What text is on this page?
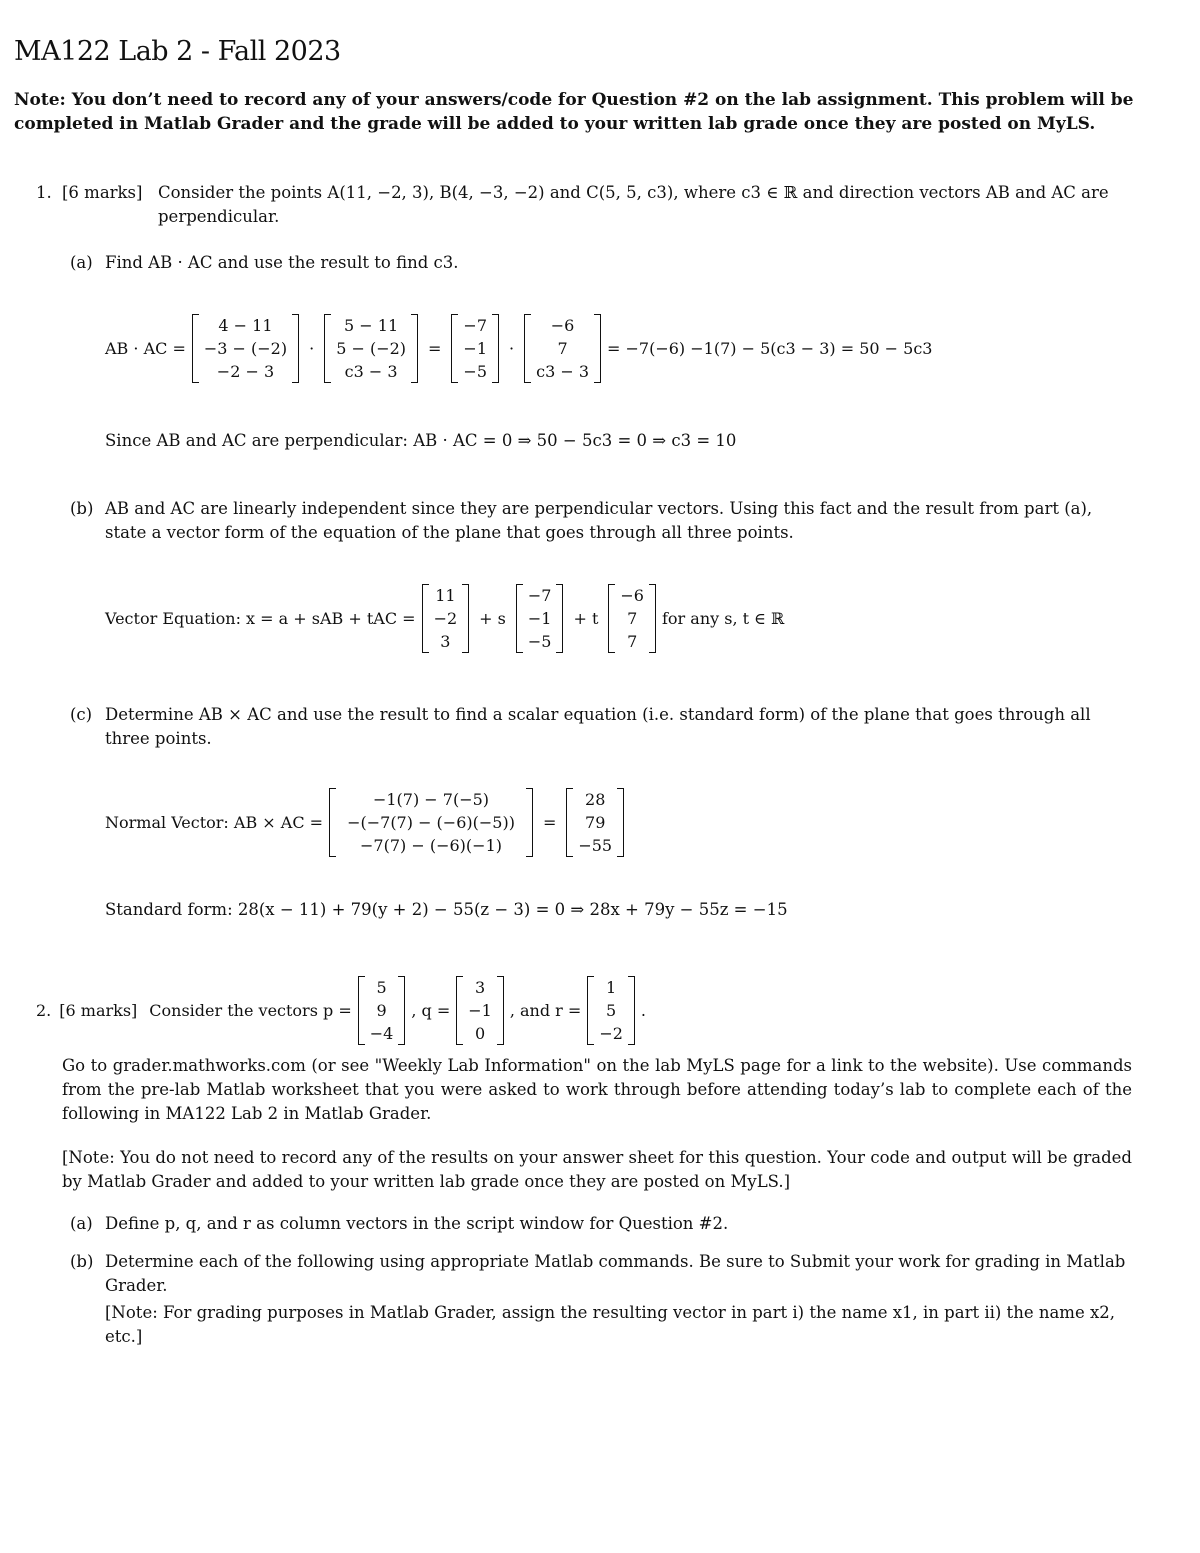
MA122 Lab 2 - Fall 2023
Note: You don’t need to record any of your answers/code for Question #2 on the lab assignment. This problem will be completed in Matlab Grader and the grade will be added to your written lab grade once they are posted on MyLS.
1. [6 marks] Consider the points A(11, −2, 3), B(4, −3, −2) and C(5, 5, c3), where c3 ∈ ℝ and direction vectors AB and AC are perpendicular.
(a) Find AB · AC and use the result to find c3.
AB · AC =
4 − 11
−3 − (−2)
−2 − 3
·
5 − 11
5 − (−2)
c3 − 3
=
−7
−1
−5
·
−6
7
c3 − 3
= −7(−6) −1(7) − 5(c3 − 3) = 50 − 5c3
Since AB and AC are perpendicular: AB · AC = 0 ⇒ 50 − 5c3 = 0 ⇒ c3 = 10
(b) AB and AC are linearly independent since they are perpendicular vectors. Using this fact and the result from part (a), state a vector form of the equation of the plane that goes through all three points.
Vector Equation: x = a + sAB + tAC =
11
−2
3
+ s
−7
−1
−5
+ t
−6
7
7
for any s, t ∈ ℝ
(c) Determine AB × AC and use the result to find a scalar equation (i.e. standard form) of the plane that goes through all three points.
Normal Vector: AB × AC =
−1(7) − 7(−5)
−(−7(7) − (−6)(−5))
−7(7) − (−6)(−1)
=
28
79
−55
Standard form: 28(x − 11) + 79(y + 2) − 55(z − 3) = 0 ⇒ 28x + 79y − 55z = −15
2. [6 marks] Consider the vectors p =
5
9
−4
, q =
3
−1
0
, and r =
1
5
−2
.
Go to grader.mathworks.com (or see "Weekly Lab Information" on the lab MyLS page for a link to the website). Use commands from the pre-lab Matlab worksheet that you were asked to work through before attending today’s lab to complete each of the following in MA122 Lab 2 in Matlab Grader.
[Note: You do not need to record any of the results on your answer sheet for this question. Your code and output will be graded by Matlab Grader and added to your written lab grade once they are posted on MyLS.]
(a) Define p, q, and r as column vectors in the script window for Question #2.
(b) Determine each of the following using appropriate Matlab commands. Be sure to Submit your work for grading in Matlab Grader.
[Note: For grading purposes in Matlab Grader, assign the resulting vector in part i) the name x1, in part ii) the name x2, etc.]
